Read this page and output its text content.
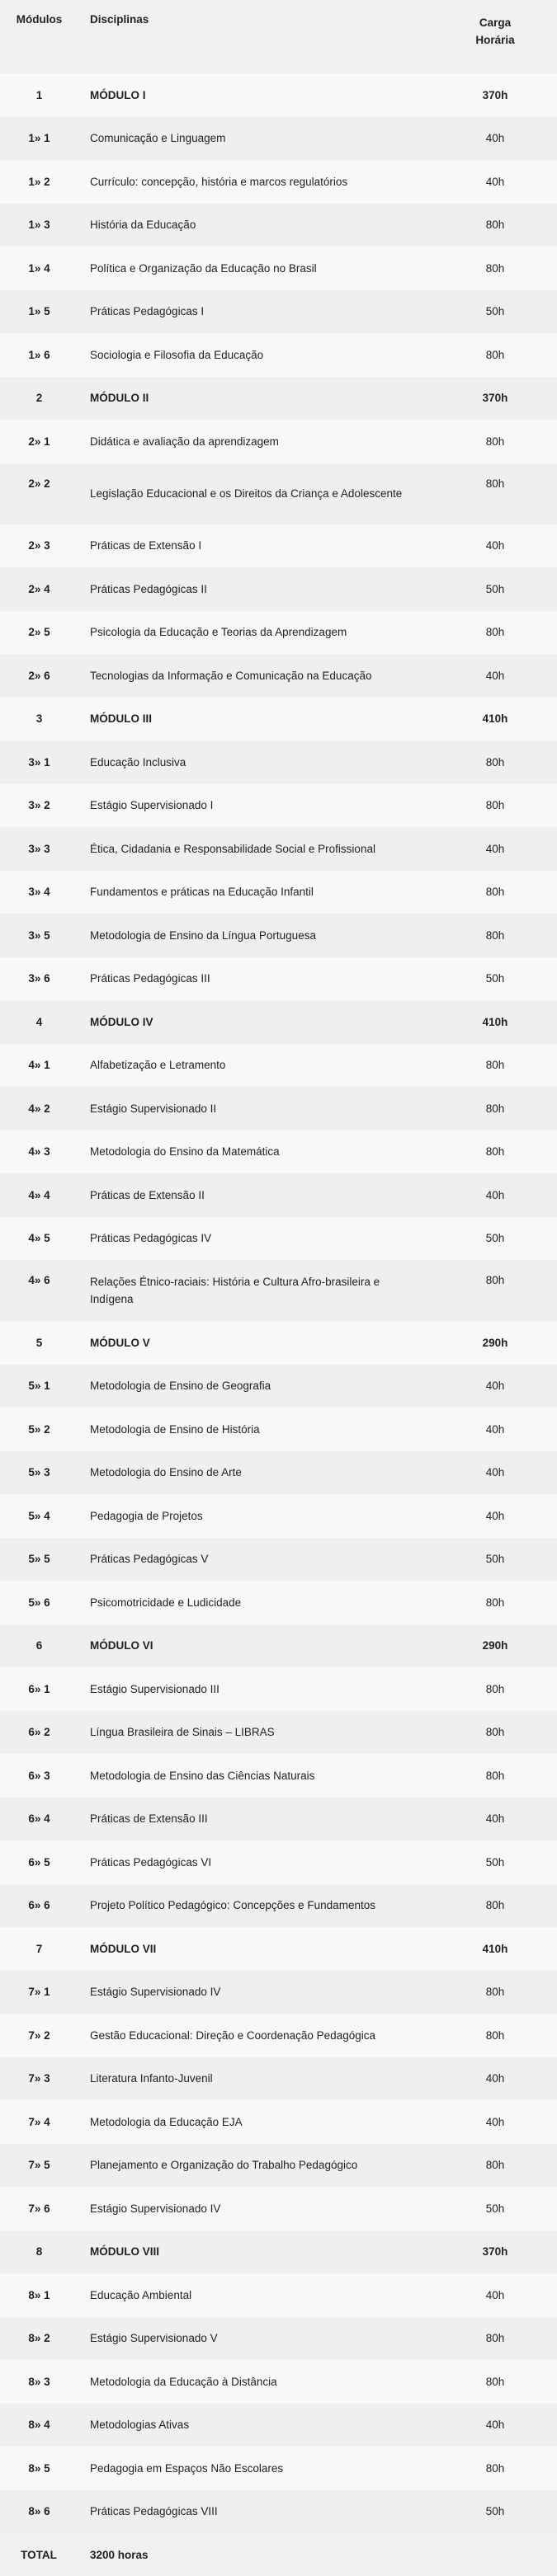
Módulos	Disciplinas	Carga
Horária
1	MÓDULO I	370h
1» 1	Comunicação e Linguagem	40h
1» 2	Currículo: concepção, história e marcos regulatórios	40h
1» 3	História da Educação	80h
1» 4	Política e Organização da Educação no Brasil	80h
1» 5	Práticas Pedagógicas I	50h
1» 6	Sociologia e Filosofia da Educação	80h
2	MÓDULO II	370h
2» 1	Didática e avaliação da aprendizagem	80h
2» 2	Legislação Educacional e os Direitos da Criança e Adolescente	80h
2» 3	Práticas de Extensão I	40h
2» 4	Práticas Pedagógicas II	50h
2» 5	Psicologia da Educação e Teorias da Aprendizagem	80h
2» 6	Tecnologias da Informação e Comunicação na Educação	40h
3	MÓDULO III	410h
3» 1	Educação Inclusiva	80h
3» 2	Estágio Supervisionado I	80h
3» 3	Ética, Cidadania e Responsabilidade Social e Profissional	40h
3» 4	Fundamentos e práticas na Educação Infantil	80h
3» 5	Metodologia de Ensino da Língua Portuguesa	80h
3» 6	Práticas Pedagógicas III	50h
4	MÓDULO IV	410h
4» 1	Alfabetização e Letramento	80h
4» 2	Estágio Supervisionado II	80h
4» 3	Metodologia do Ensino da Matemática	80h
4» 4	Práticas de Extensão II	40h
4» 5	Práticas Pedagógicas IV	50h
4» 6	Relações Étnico-raciais: História e Cultura Afro-brasileira e Indígena	80h
5	MÓDULO V	290h
5» 1	Metodologia de Ensino de Geografia	40h
5» 2	Metodologia de Ensino de História	40h
5» 3	Metodologia do Ensino de Arte	40h
5» 4	Pedagogia de Projetos	40h
5» 5	Práticas Pedagógicas V	50h
5» 6	Psicomotricidade e Ludicidade	80h
6	MÓDULO VI	290h
6» 1	Estágio Supervisionado III	80h
6» 2	Língua Brasileira de Sinais – LIBRAS	80h
6» 3	Metodologia de Ensino das Ciências Naturais	80h
6» 4	Práticas de Extensão III	40h
6» 5	Práticas Pedagógicas VI	50h
6» 6	Projeto Político Pedagógico: Concepções e Fundamentos	80h
7	MÓDULO VII	410h
7» 1	Estágio Supervisionado IV	80h
7» 2	Gestão Educacional: Direção e Coordenação Pedagógica	80h
7» 3	Literatura Infanto-Juvenil	40h
7» 4	Metodologia da Educação EJA	40h
7» 5	Planejamento e Organização do Trabalho Pedagógico	80h
7» 6	Estágio Supervisionado IV	50h
8	MÓDULO VIII	370h
8» 1	Educação Ambiental	40h
8» 2	Estágio Supervisionado V	80h
8» 3	Metodologia da Educação à Distância	80h
8» 4	Metodologias Ativas	40h
8» 5	Pedagogia em Espaços Não Escolares	80h
8» 6	Práticas Pedagógicas VIII	50h
TOTAL	3200 horas	
